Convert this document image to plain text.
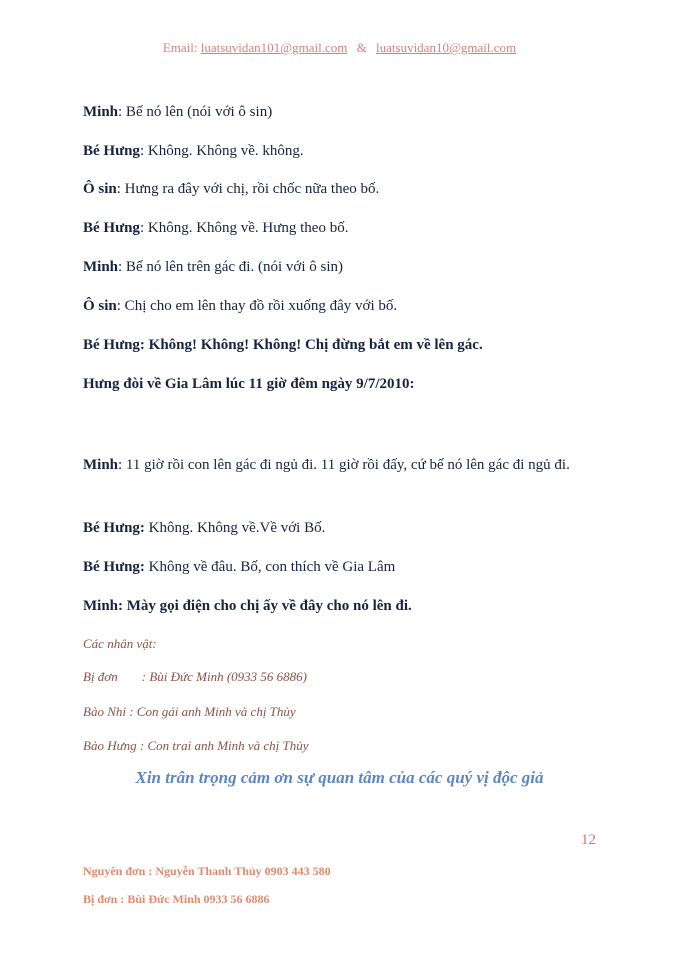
Email: luatsuvidan101@gmail.com & luatsuvidan10@gmail.com
Minh: Bế nó lên (nói với ô sin)
Bé Hưng: Không. Không về. không.
Ô sin: Hưng ra đây với chị, rồi chốc nữa theo bố.
Bé Hưng: Không. Không về. Hưng theo bố.
Minh: Bế nó lên trên gác đi. (nói với ô sin)
Ô sin: Chị cho em lên thay đồ rồi xuống đây với bố.
Bé Hưng: Không! Không! Không! Chị đừng bắt em về lên gác.
Hưng đòi về Gia Lâm lúc 11 giờ đêm ngày 9/7/2010:
Minh: 11 giờ rồi con lên gác đi ngủ đi. 11 giờ rồi đấy, cứ bế nó lên gác đi ngủ đi.
Bé Hưng: Không. Không về.Về với Bố.
Bé Hưng: Không về đâu. Bố, con thích về Gia Lâm
Minh: Mày gọi điện cho chị ấy về đây cho nó lên đi.
Các nhân vật:
Bị đơn : Bùi Đức Minh (0933 56 6886)
Bảo Nhi : Con gái anh Minh và chị Thủy
Bảo Hưng : Con trai anh Minh và chị Thủy
Xin trân trọng cảm ơn sự quan tâm của các quý vị độc giả
12
Nguyên đơn : Nguyễn Thanh Thủy 0903 443 580
Bị đơn : Bùi Đức Minh 0933 56 6886
